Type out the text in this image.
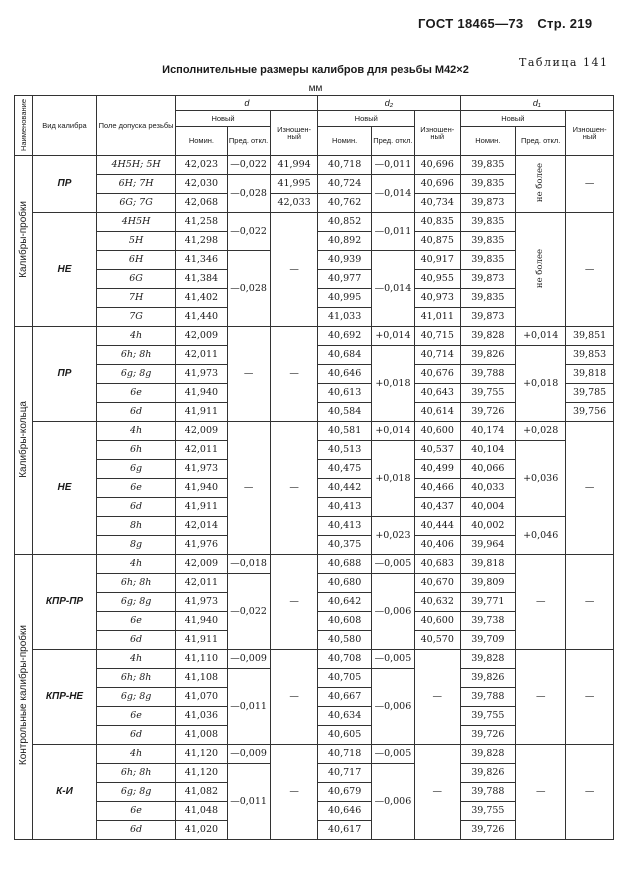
ГОСТ 18465—73 Стр. 219
Таблица 141
Исполнительные размеры калибров для резьбы М42×2
мм
Наименование	Вид калибра	Поле допуска резьбы	d			d₂			d₁		
			Новый		Изношен-ный	Новый		Изношен-ный	Новый		Изношен-ный
			Номин.	Пред. откл.		Номин.	Пред. откл.		Номин.	Пред. откл.	
Калибры-пробки	ПР	4H5H; 5H	42,023	—0,022	41,994	40,718	—0,011	40,696	39,835	не более	—
		6H; 7H	42,030	—0,028	41,995	40,724	—0,014	40,696	39,835		
		6G; 7G	42,068		42,033	40,762		40,734	39,873		
	НЕ	4H5H	41,258	—0,022	—	40,852	—0,011	40,835	39,835	не более	—
		5H	41,298			40,892		40,875	39,835		
		6H	41,346	—0,028		40,939	—0,014	40,917	39,835		
		6G	41,384			40,977		40,955	39,873		
		7H	41,402			40,995		40,973	39,835		
		7G	41,440			41,033		41,011	39,873		
Калибры-кольца	ПР	4h	42,009	—	—	40,692	+0,014	40,715	39,828	+0,014	39,851
		6h; 8h	42,011			40,684	+0,018	40,714	39,826	+0,018	39,853
		6g; 8g	41,973			40,646		40,676	39,788		39,818
		6e	41,940			40,613		40,643	39,755		39,785
		6d	41,911			40,584		40,614	39,726		39,756
	НЕ	4h	42,009	—	—	40,581	+0,014	40,600	40,174	+0,028	—
		6h	42,011			40,513	+0,018	40,537	40,104	+0,036	
		6g	41,973			40,475		40,499	40,066		
		6e	41,940			40,442		40,466	40,033		
		6d	41,911			40,413		40,437	40,004		
		8h	42,014			40,413	+0,023	40,444	40,002	+0,046	
		8g	41,976			40,375		40,406	39,964		
Контрольные калибры-пробки	КПР-ПР	4h	42,009	—0,018	—	40,688	—0,005	40,683	39,818	—	—
		6h; 8h	42,011	—0,022		40,680	—0,006	40,670	39,809		
		6g; 8g	41,973			40,642		40,632	39,771		
		6e	41,940			40,608		40,600	39,738		
		6d	41,911			40,580		40,570	39,709		
	КПР-НЕ	4h	41,110	—0,009	—	40,708	—0,005	—	39,828	—	—
		6h; 8h	41,108	—0,011		40,705	—0,006		39,826		
		6g; 8g	41,070			40,667			39,788		
		6e	41,036			40,634			39,755		
		6d	41,008			40,605			39,726		
	К-И	4h	41,120	—0,009	—	40,718	—0,005	—	39,828	—	—
		6h; 8h	41,120	—0,011		40,717	—0,006		39,826		
		6g; 8g	41,082			40,679			39,788		
		6e	41,048			40,646			39,755		
		6d	41,020			40,617			39,726		
